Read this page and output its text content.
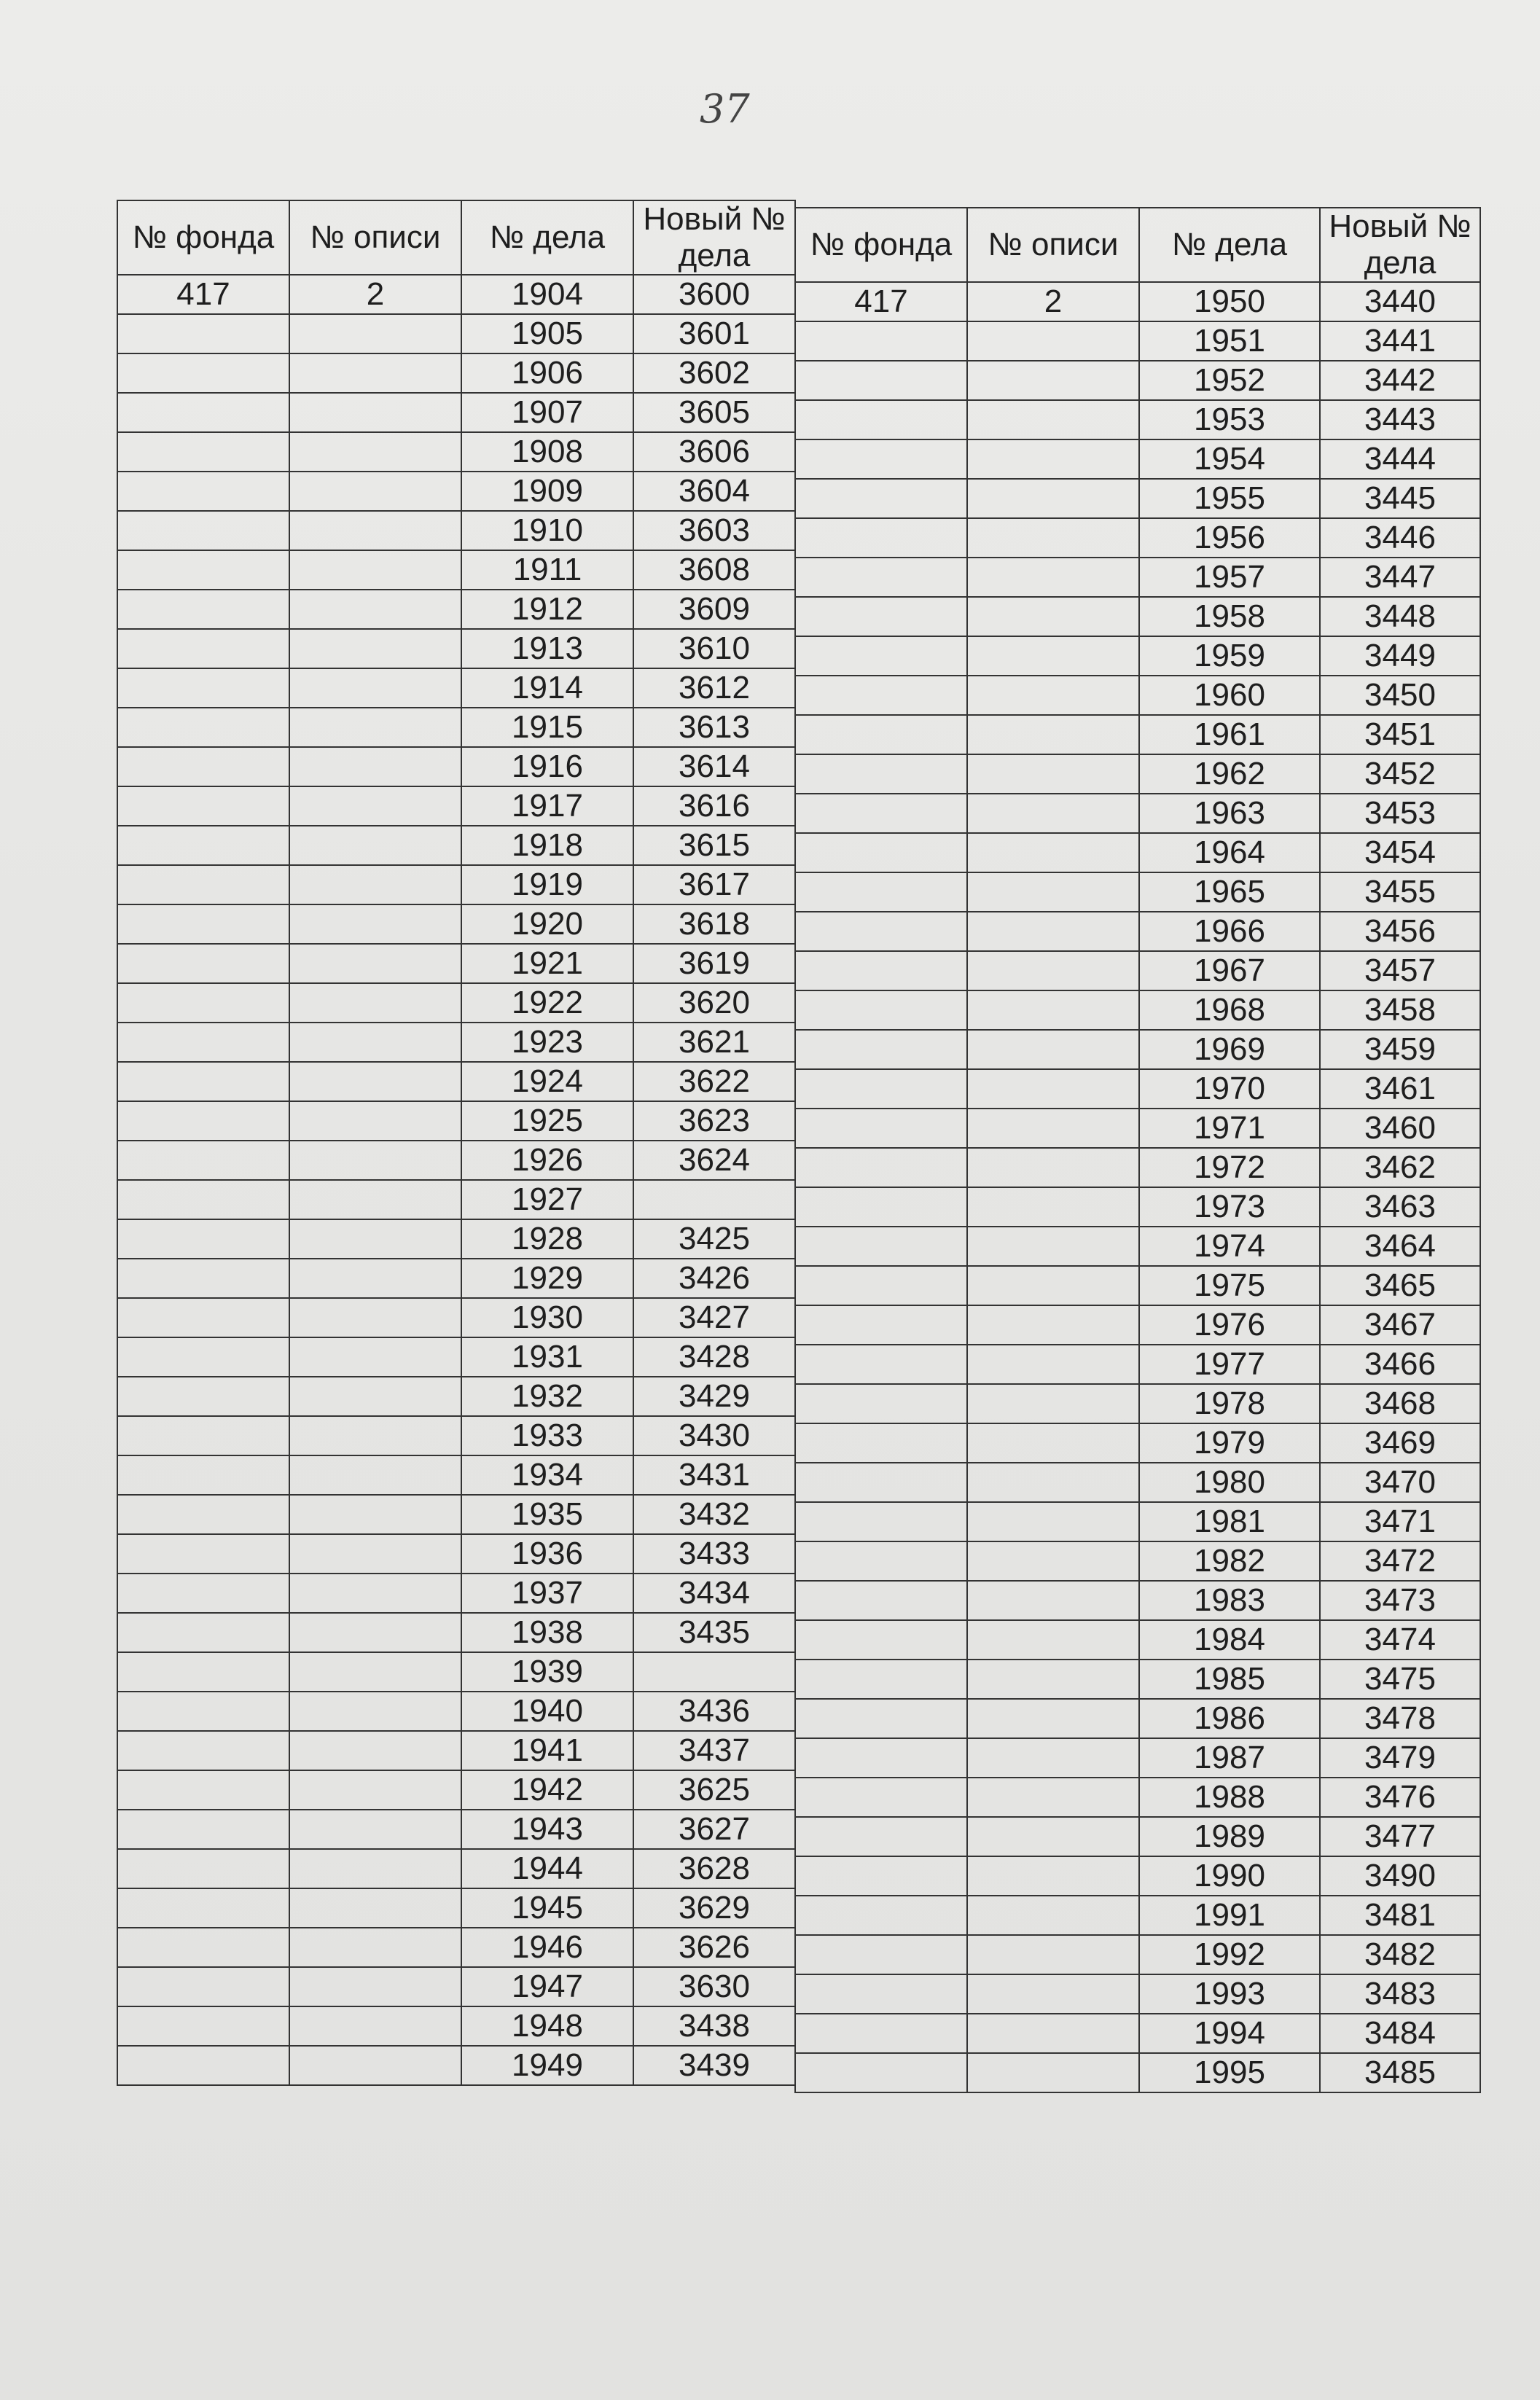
37
№ фонда	№ описи	№ дела	Новый № дела
417	2	1904	3600
		1905	3601
		1906	3602
		1907	3605
		1908	3606
		1909	3604
		1910	3603
		1911	3608
		1912	3609
		1913	3610
		1914	3612
		1915	3613
		1916	3614
		1917	3616
		1918	3615
		1919	3617
		1920	3618
		1921	3619
		1922	3620
		1923	3621
		1924	3622
		1925	3623
		1926	3624
		1927	
		1928	3425
		1929	3426
		1930	3427
		1931	3428
		1932	3429
		1933	3430
		1934	3431
		1935	3432
		1936	3433
		1937	3434
		1938	3435
		1939	
		1940	3436
		1941	3437
		1942	3625
		1943	3627
		1944	3628
		1945	3629
		1946	3626
		1947	3630
		1948	3438
		1949	3439
№ фонда	№ описи	№ дела	Новый № дела
417	2	1950	3440
		1951	3441
		1952	3442
		1953	3443
		1954	3444
		1955	3445
		1956	3446
		1957	3447
		1958	3448
		1959	3449
		1960	3450
		1961	3451
		1962	3452
		1963	3453
		1964	3454
		1965	3455
		1966	3456
		1967	3457
		1968	3458
		1969	3459
		1970	3461
		1971	3460
		1972	3462
		1973	3463
		1974	3464
		1975	3465
		1976	3467
		1977	3466
		1978	3468
		1979	3469
		1980	3470
		1981	3471
		1982	3472
		1983	3473
		1984	3474
		1985	3475
		1986	3478
		1987	3479
		1988	3476
		1989	3477
		1990	3490
		1991	3481
		1992	3482
		1993	3483
		1994	3484
		1995	3485
